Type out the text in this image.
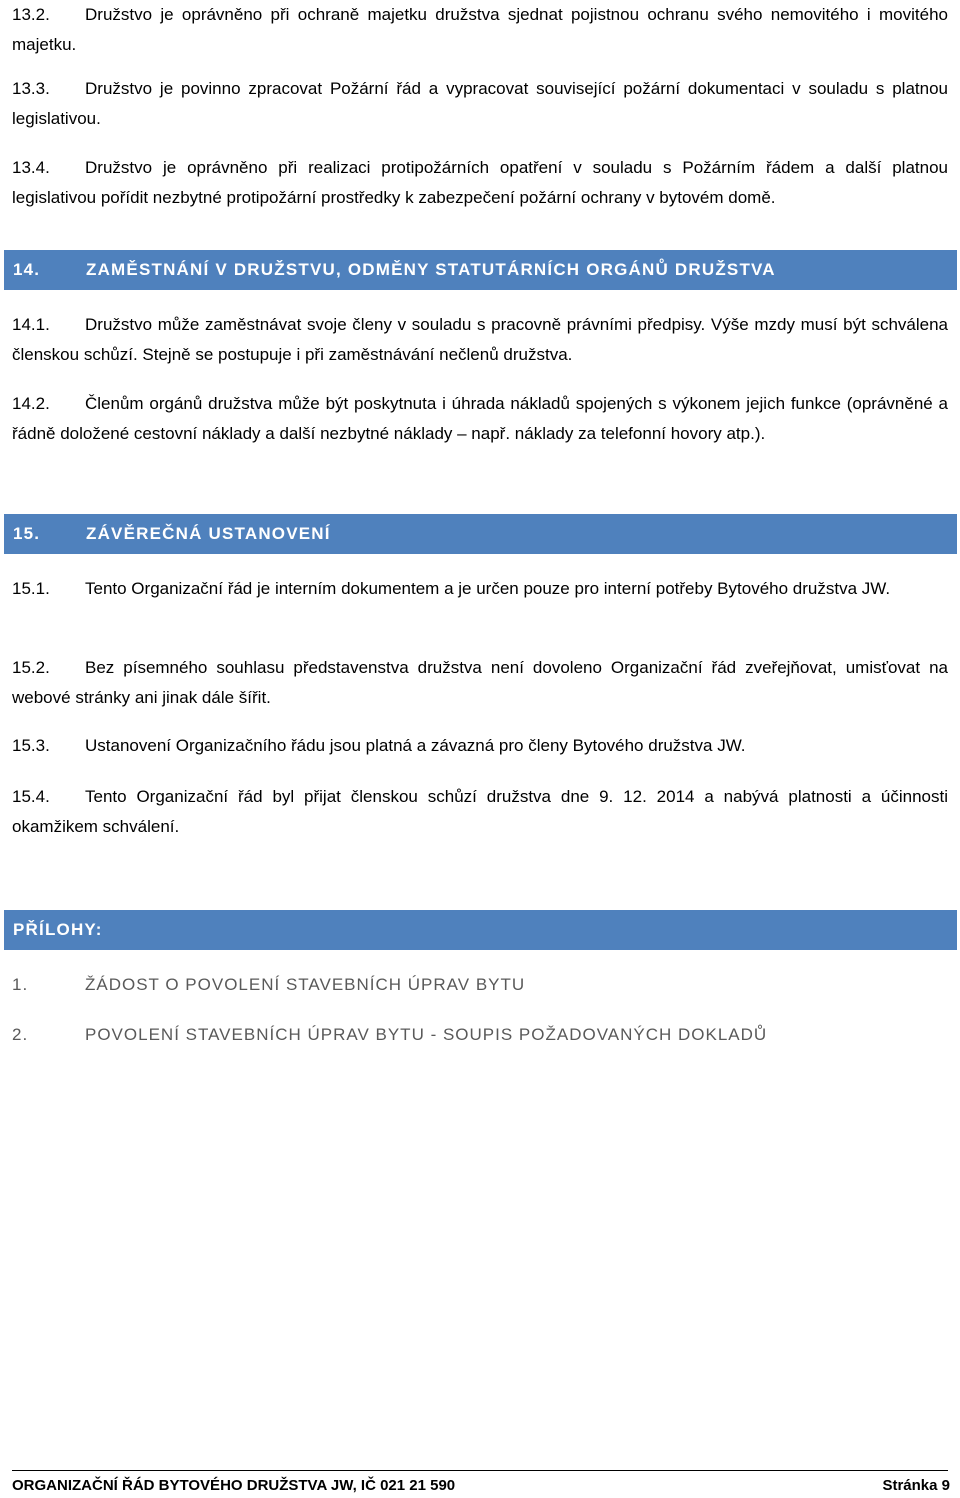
13.2. Družstvo je oprávněno při ochraně majetku družstva sjednat pojistnou ochranu svého nemovitého i movitého majetku.
13.3. Družstvo je povinno zpracovat Požární řád a vypracovat související požární dokumentaci v souladu s platnou legislativou.
13.4. Družstvo je oprávněno při realizaci protipožárních opatření v souladu s Požárním řádem a další platnou legislativou pořídit nezbytné protipožární prostředky k zabezpečení požární ochrany v bytovém domě.
14.	ZAMĚSTNÁNÍ V DRUŽSTVU, ODMĚNY STATUTÁRNÍCH ORGÁNŮ DRUŽSTVA
14.1. Družstvo může zaměstnávat svoje členy v souladu s pracovně právními předpisy. Výše mzdy musí být schválena členskou schůzí. Stejně se postupuje i při zaměstnávání nečlenů družstva.
14.2. Členům orgánů družstva může být poskytnuta i úhrada nákladů spojených s výkonem jejich funkce (oprávněné a řádně doložené cestovní náklady a další nezbytné náklady – např. náklady za telefonní hovory atp.).
15.	ZÁVĚREČNÁ USTANOVENÍ
15.1. Tento Organizační řád je interním dokumentem a je určen pouze pro interní potřeby Bytového družstva JW.
15.2. Bez písemného souhlasu představenstva družstva není dovoleno Organizační řád zveřejňovat, umisťovat na webové stránky ani jinak dále šířit.
15.3. Ustanovení Organizačního řádu jsou platná a závazná pro členy Bytového družstva JW.
15.4. Tento Organizační řád byl přijat členskou schůzí družstva dne 9. 12. 2014 a nabývá platnosti a účinnosti okamžikem schválení.
PŘÍLOHY:
1.	ŽÁDOST O POVOLENÍ STAVEBNÍCH ÚPRAV BYTU
2.	POVOLENÍ STAVEBNÍCH ÚPRAV BYTU - SOUPIS POŽADOVANÝCH DOKLADŮ
ORGANIZAČNÍ ŘÁD BYTOVÉHO DRUŽSTVA JW, IČ 021 21 590	Stránka 9
